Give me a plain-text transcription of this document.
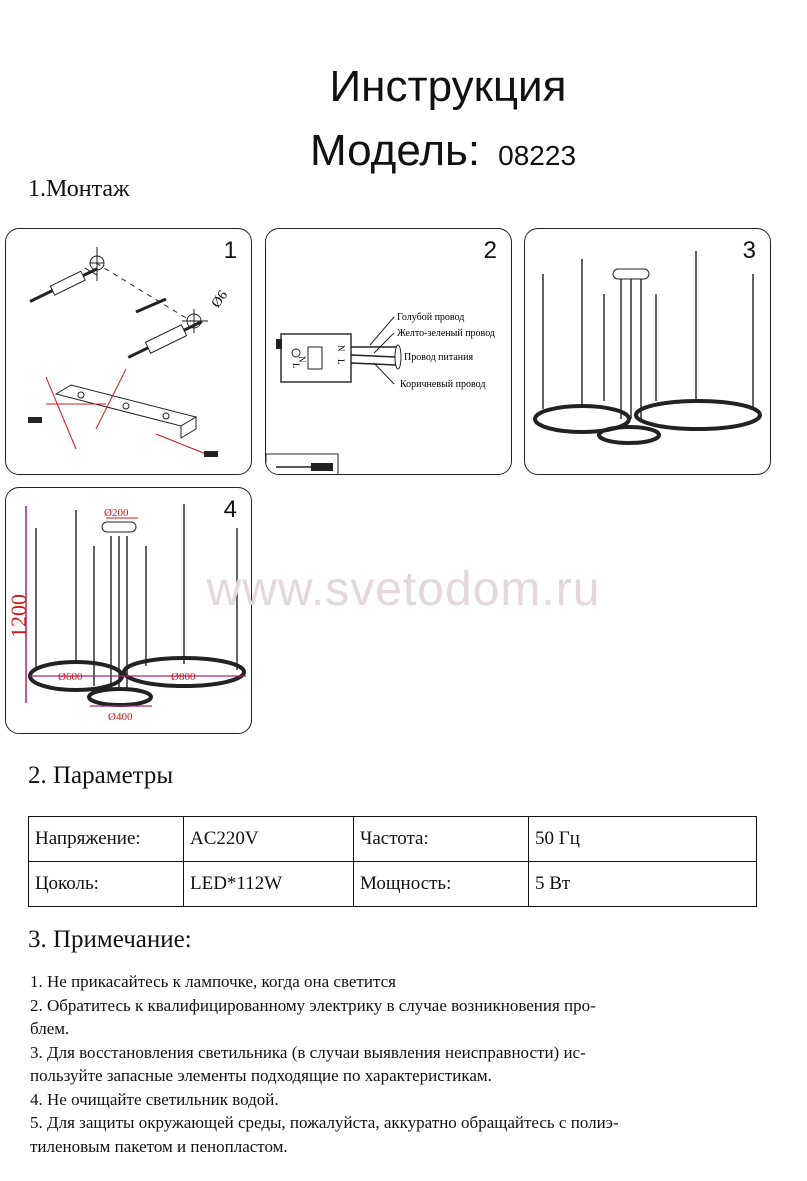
Инструкция
Модель: 08223
1.Монтаж
1
Ø6
2
N
L
N
L
Голубой провод
Желто-зеленый провод
Провод питания
Коричневый провод
3
4
Ø200
1200
Ø600	Ø800
Ø400
www.svetodom.ru
2. Параметры
Напряжение:	AC220V	Частота:	50 Гц
Цоколь:	LED*112W	Мощность:	5 Вт
3. Примечание:
1. Не прикасайтесь к лампочке, когда она светится
2. Обратитесь к квалифицированному электрику в случае возникновения про-
блем.
3. Для восстановления светильника (в случаи выявления неисправности) ис-
пользуйте запасные элементы подходящие по характеристикам.
4. Не очищайте светильник водой.
5. Для защиты окружающей среды, пожалуйста, аккуратно обращайтесь с полиэ-
тиленовым пакетом и пенопластом.
